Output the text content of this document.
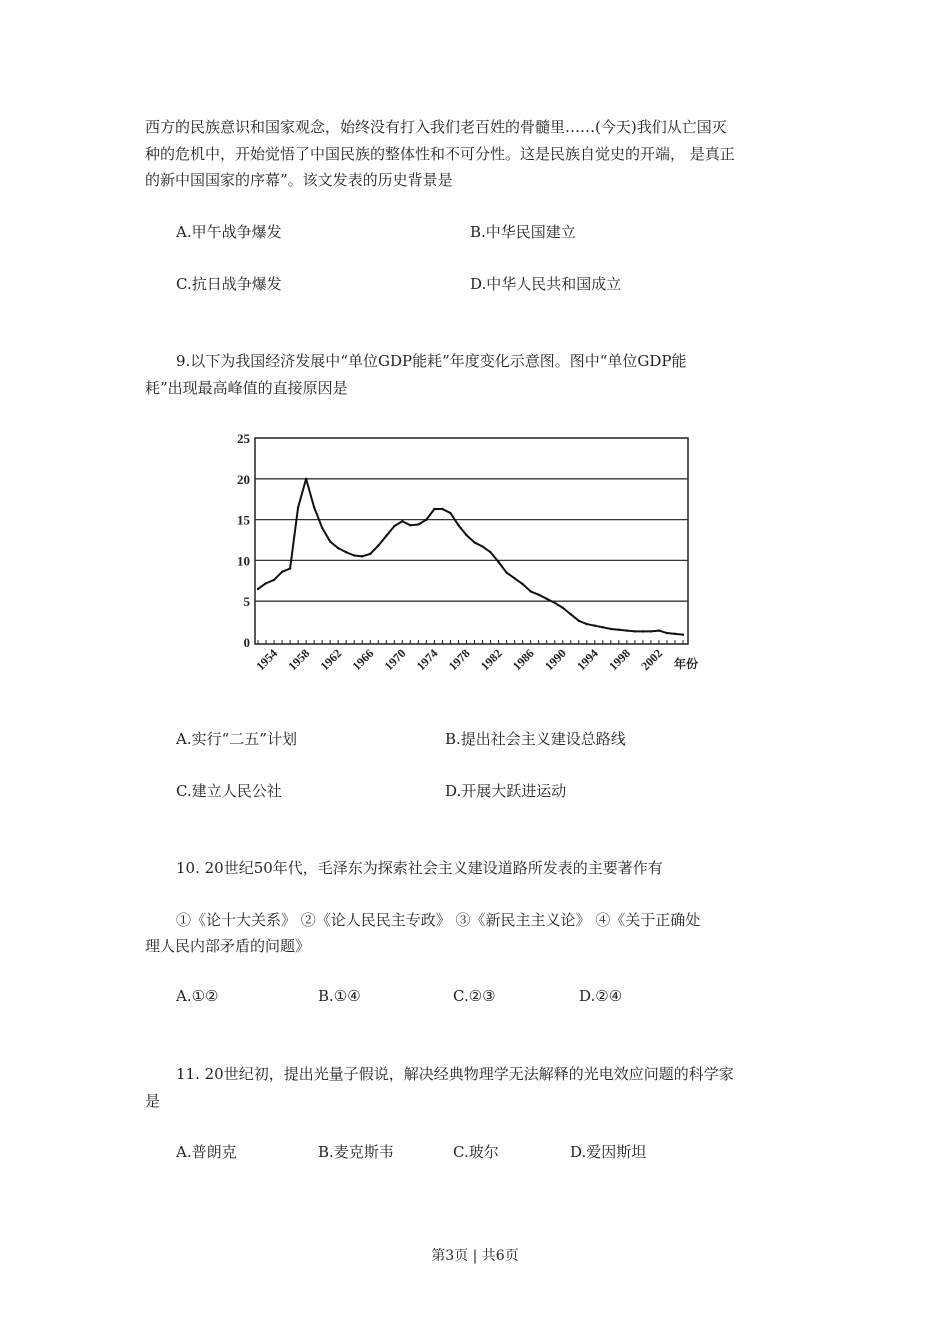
西方的民族意识和国家观念，始终没有打入我们老百姓的骨髓里……(今天)我们从亡国灭
种的危机中，开始觉悟了中国民族的整体性和不可分性。这是民族自觉史的开端， 是真正
的新中国国家的序幕”。该文发表的历史背景是
A.甲午战争爆发	B.中华民国建立
C.抗日战争爆发	D.中华人民共和国成立
9.以下为我国经济发展中“单位GDP能耗”年度变化示意图。图中“单位GDP能
耗”出现最高峰值的直接原因是
0
5
10
15
20
25
1954 1958 1962 1966 1970 1974 1978 1982 1986 1990 1994 1998 2002 年份
A.实行“二五”计划	B.提出社会主义建设总路线
C.建立人民公社	D.开展大跃进运动
10. 20世纪50年代，毛泽东为探索社会主义建设道路所发表的主要著作有
①《论十大关系》 ②《论人民民主专政》 ③《新民主主义论》 ④《关于正确处
理人民内部矛盾的问题》
A.①②	B.①④	C.②③	D.②④
11. 20世纪初，提出光量子假说，解决经典物理学无法解释的光电效应问题的科学家
是
A.普朗克	B.麦克斯韦	C.玻尔	D.爱因斯坦
第3页 | 共6页
